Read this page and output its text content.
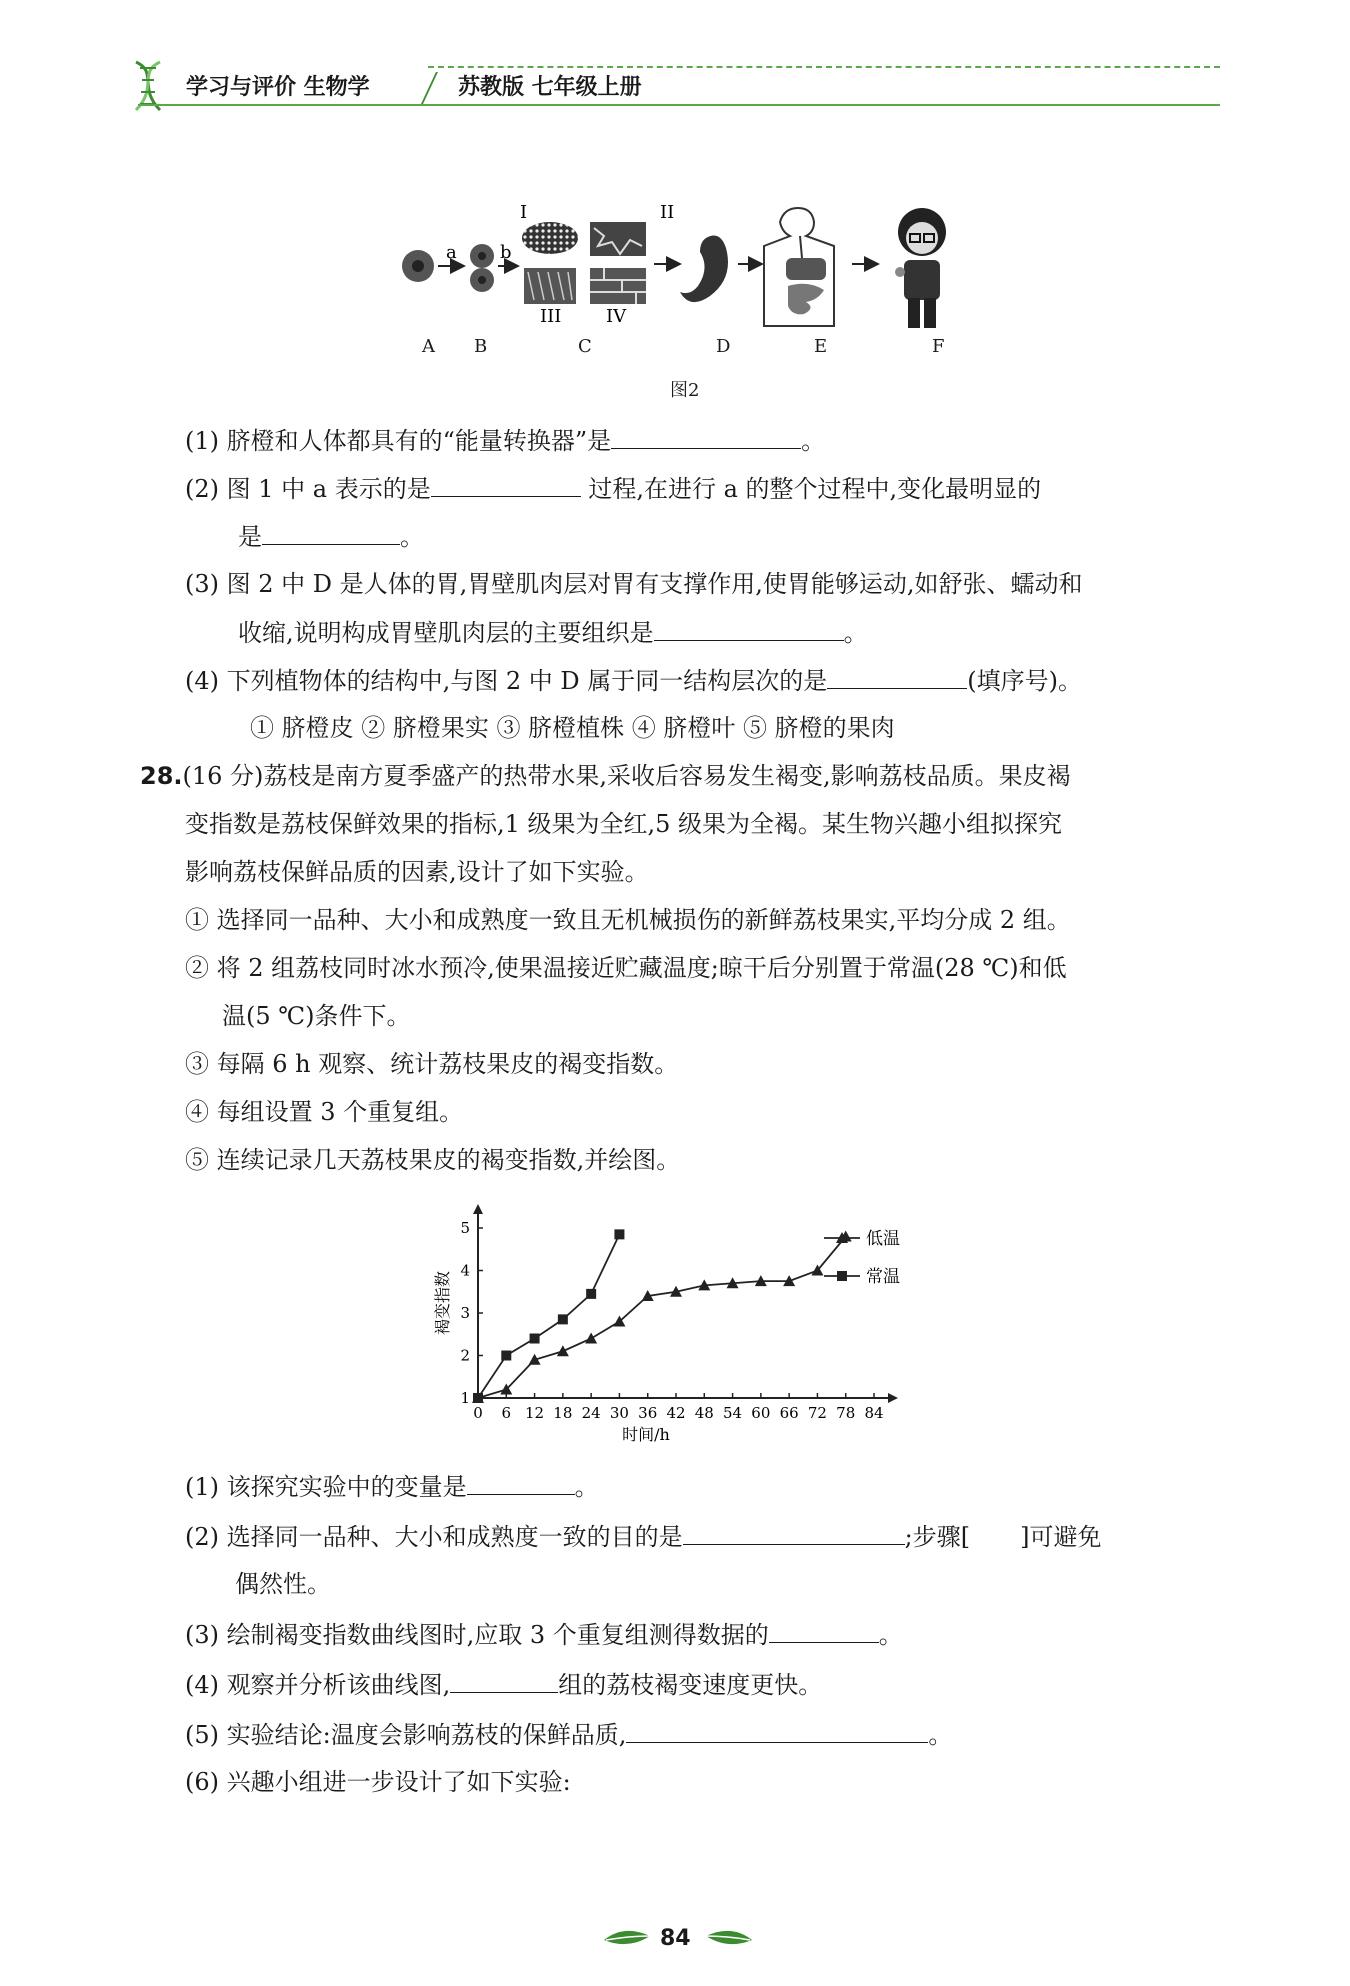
学习与评价 生物学	苏教版 七年级上册
a b
I	II
III IV
A B	C	D	E	F
图2
(1) 脐橙和人体都具有的“能量转换器”是	。
(2) 图 1 中 a 表示的是	过程,在进行 a 的整个过程中,变化最明显的
是	。
(3) 图 2 中 D 是人体的胃,胃壁肌肉层对胃有支撑作用,使胃能够运动,如舒张、蠕动和
收缩,说明构成胃壁肌肉层的主要组织是	。
(4) 下列植物体的结构中,与图 2 中 D 属于同一结构层次的是	(填序号)。
① 脐橙皮 ② 脐橙果实 ③ 脐橙植株 ④ 脐橙叶 ⑤ 脐橙的果肉
28.(16 分)荔枝是南方夏季盛产的热带水果,采收后容易发生褐变,影响荔枝品质。果皮褐
变指数是荔枝保鲜效果的指标,1 级果为全红,5 级果为全褐。某生物兴趣小组拟探究
影响荔枝保鲜品质的因素,设计了如下实验。
① 选择同一品种、大小和成熟度一致且无机械损伤的新鲜荔枝果实,平均分成 2 组。
② 将 2 组荔枝同时冰水预冷,使果温接近贮藏温度;晾干后分别置于常温(28 ℃)和低
温(5 ℃)条件下。
③ 每隔 6 h 观察、统计荔枝果皮的褐变指数。
④ 每组设置 3 个重复组。
⑤ 连续记录几天荔枝果皮的褐变指数,并绘图。
0 6 12 18 24 30 36 42 48 54 60 66 72 78 84
1
2
3
4
5
时间/h
褐变指数
低温
常温
(1) 该探究实验中的变量是	。
(2) 选择同一品种、大小和成熟度一致的目的是	;步骤[ ]可避免
偶然性。
(3) 绘制褐变指数曲线图时,应取 3 个重复组测得数据的	。
(4) 观察并分析该曲线图,	组的荔枝褐变速度更快。
(5) 实验结论:温度会影响荔枝的保鲜品质,	。
(6) 兴趣小组进一步设计了如下实验:
84
